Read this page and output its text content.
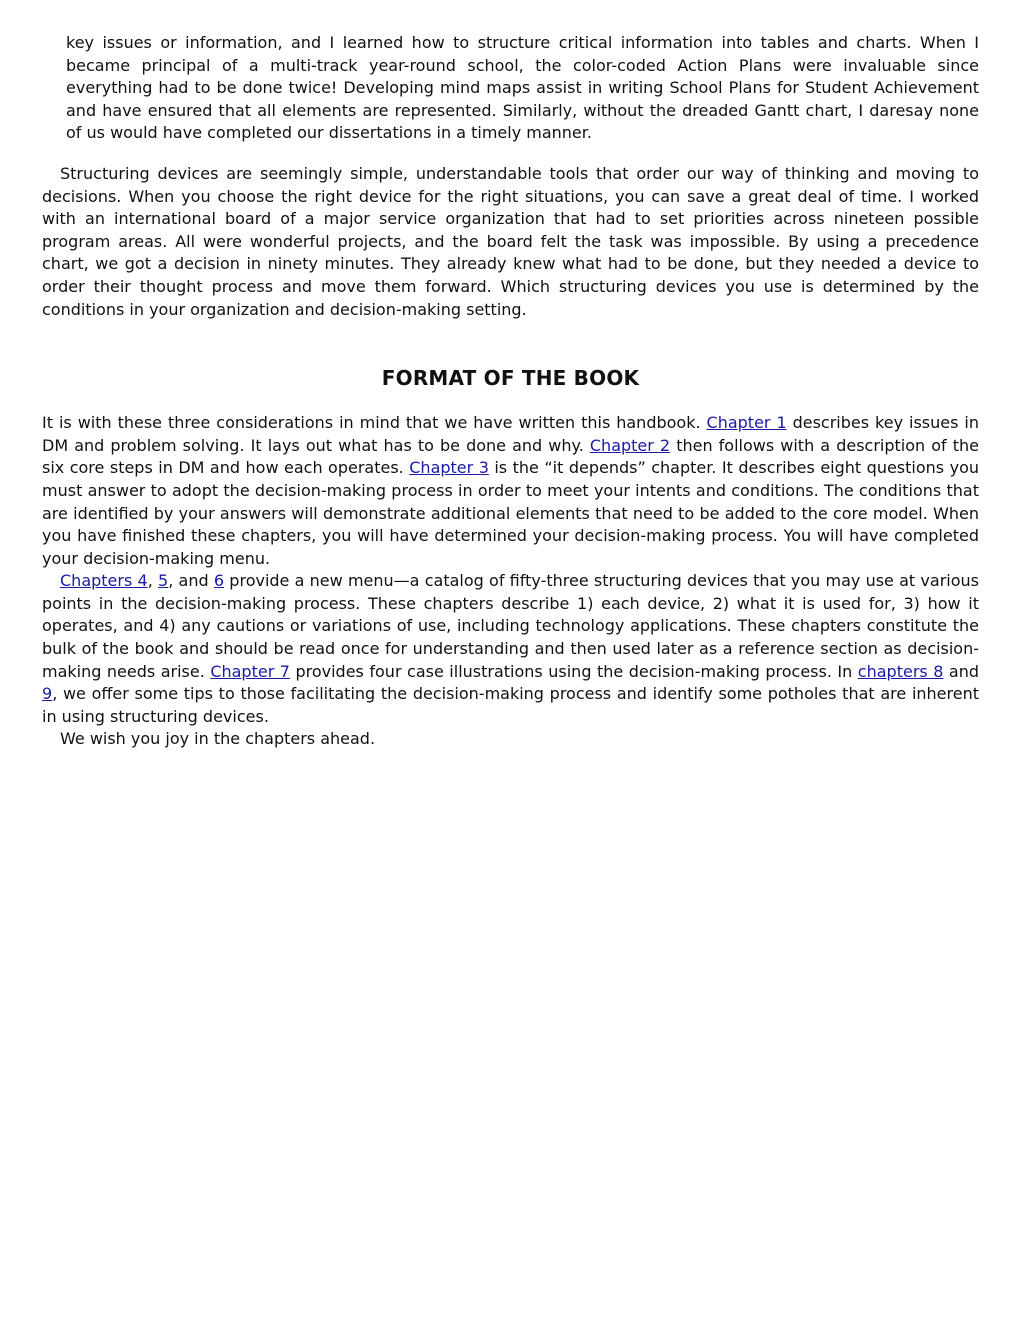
key issues or information, and I learned how to structure critical information into tables and charts. When I became principal of a multi-track year-round school, the color-coded Action Plans were invaluable since everything had to be done twice! Developing mind maps assist in writing School Plans for Student Achievement and have ensured that all elements are represented. Similarly, without the dreaded Gantt chart, I daresay none of us would have completed our dissertations in a timely manner.

Structuring devices are seemingly simple, understandable tools that order our way of thinking and moving to decisions. When you choose the right device for the right situations, you can save a great deal of time. I worked with an international board of a major service organization that had to set priorities across nineteen possible program areas. All were wonderful projects, and the board felt the task was impossible. By using a precedence chart, we got a decision in ninety minutes. They already knew what had to be done, but they needed a device to order their thought process and move them forward. Which structuring devices you use is determined by the conditions in your organization and decision-making setting.

FORMAT OF THE BOOK

It is with these three considerations in mind that we have written this handbook. Chapter 1 describes key issues in DM and problem solving. It lays out what has to be done and why. Chapter 2 then follows with a description of the six core steps in DM and how each operates. Chapter 3 is the “it depends” chapter. It describes eight questions you must answer to adopt the decision-making process in order to meet your intents and conditions. The conditions that are identified by your answers will demonstrate additional elements that need to be added to the core model. When you have finished these chapters, you will have determined your decision-making process. You will have completed your decision-making menu.

Chapters 4, 5, and 6 provide a new menu—a catalog of fifty-three structuring devices that you may use at various points in the decision-making process. These chapters describe 1) each device, 2) what it is used for, 3) how it operates, and 4) any cautions or variations of use, including technology applications. These chapters constitute the bulk of the book and should be read once for understanding and then used later as a reference section as decision-making needs arise. Chapter 7 provides four case illustrations using the decision-making process. In chapters 8 and 9, we offer some tips to those facilitating the decision-making process and identify some potholes that are inherent in using structuring devices.

We wish you joy in the chapters ahead.
